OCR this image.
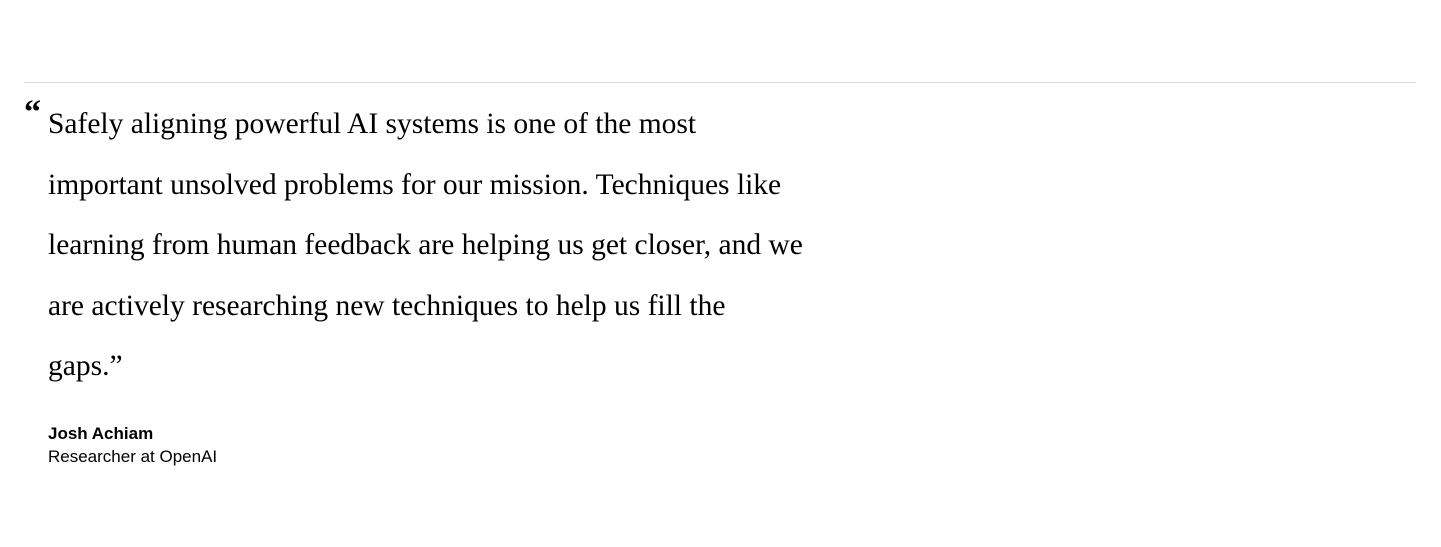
“ Safely aligning powerful AI systems is one of the most important unsolved problems for our mission. Techniques like learning from human feedback are helping us get closer, and we are actively researching new techniques to help us fill the gaps.”
Josh Achiam
Researcher at OpenAI
